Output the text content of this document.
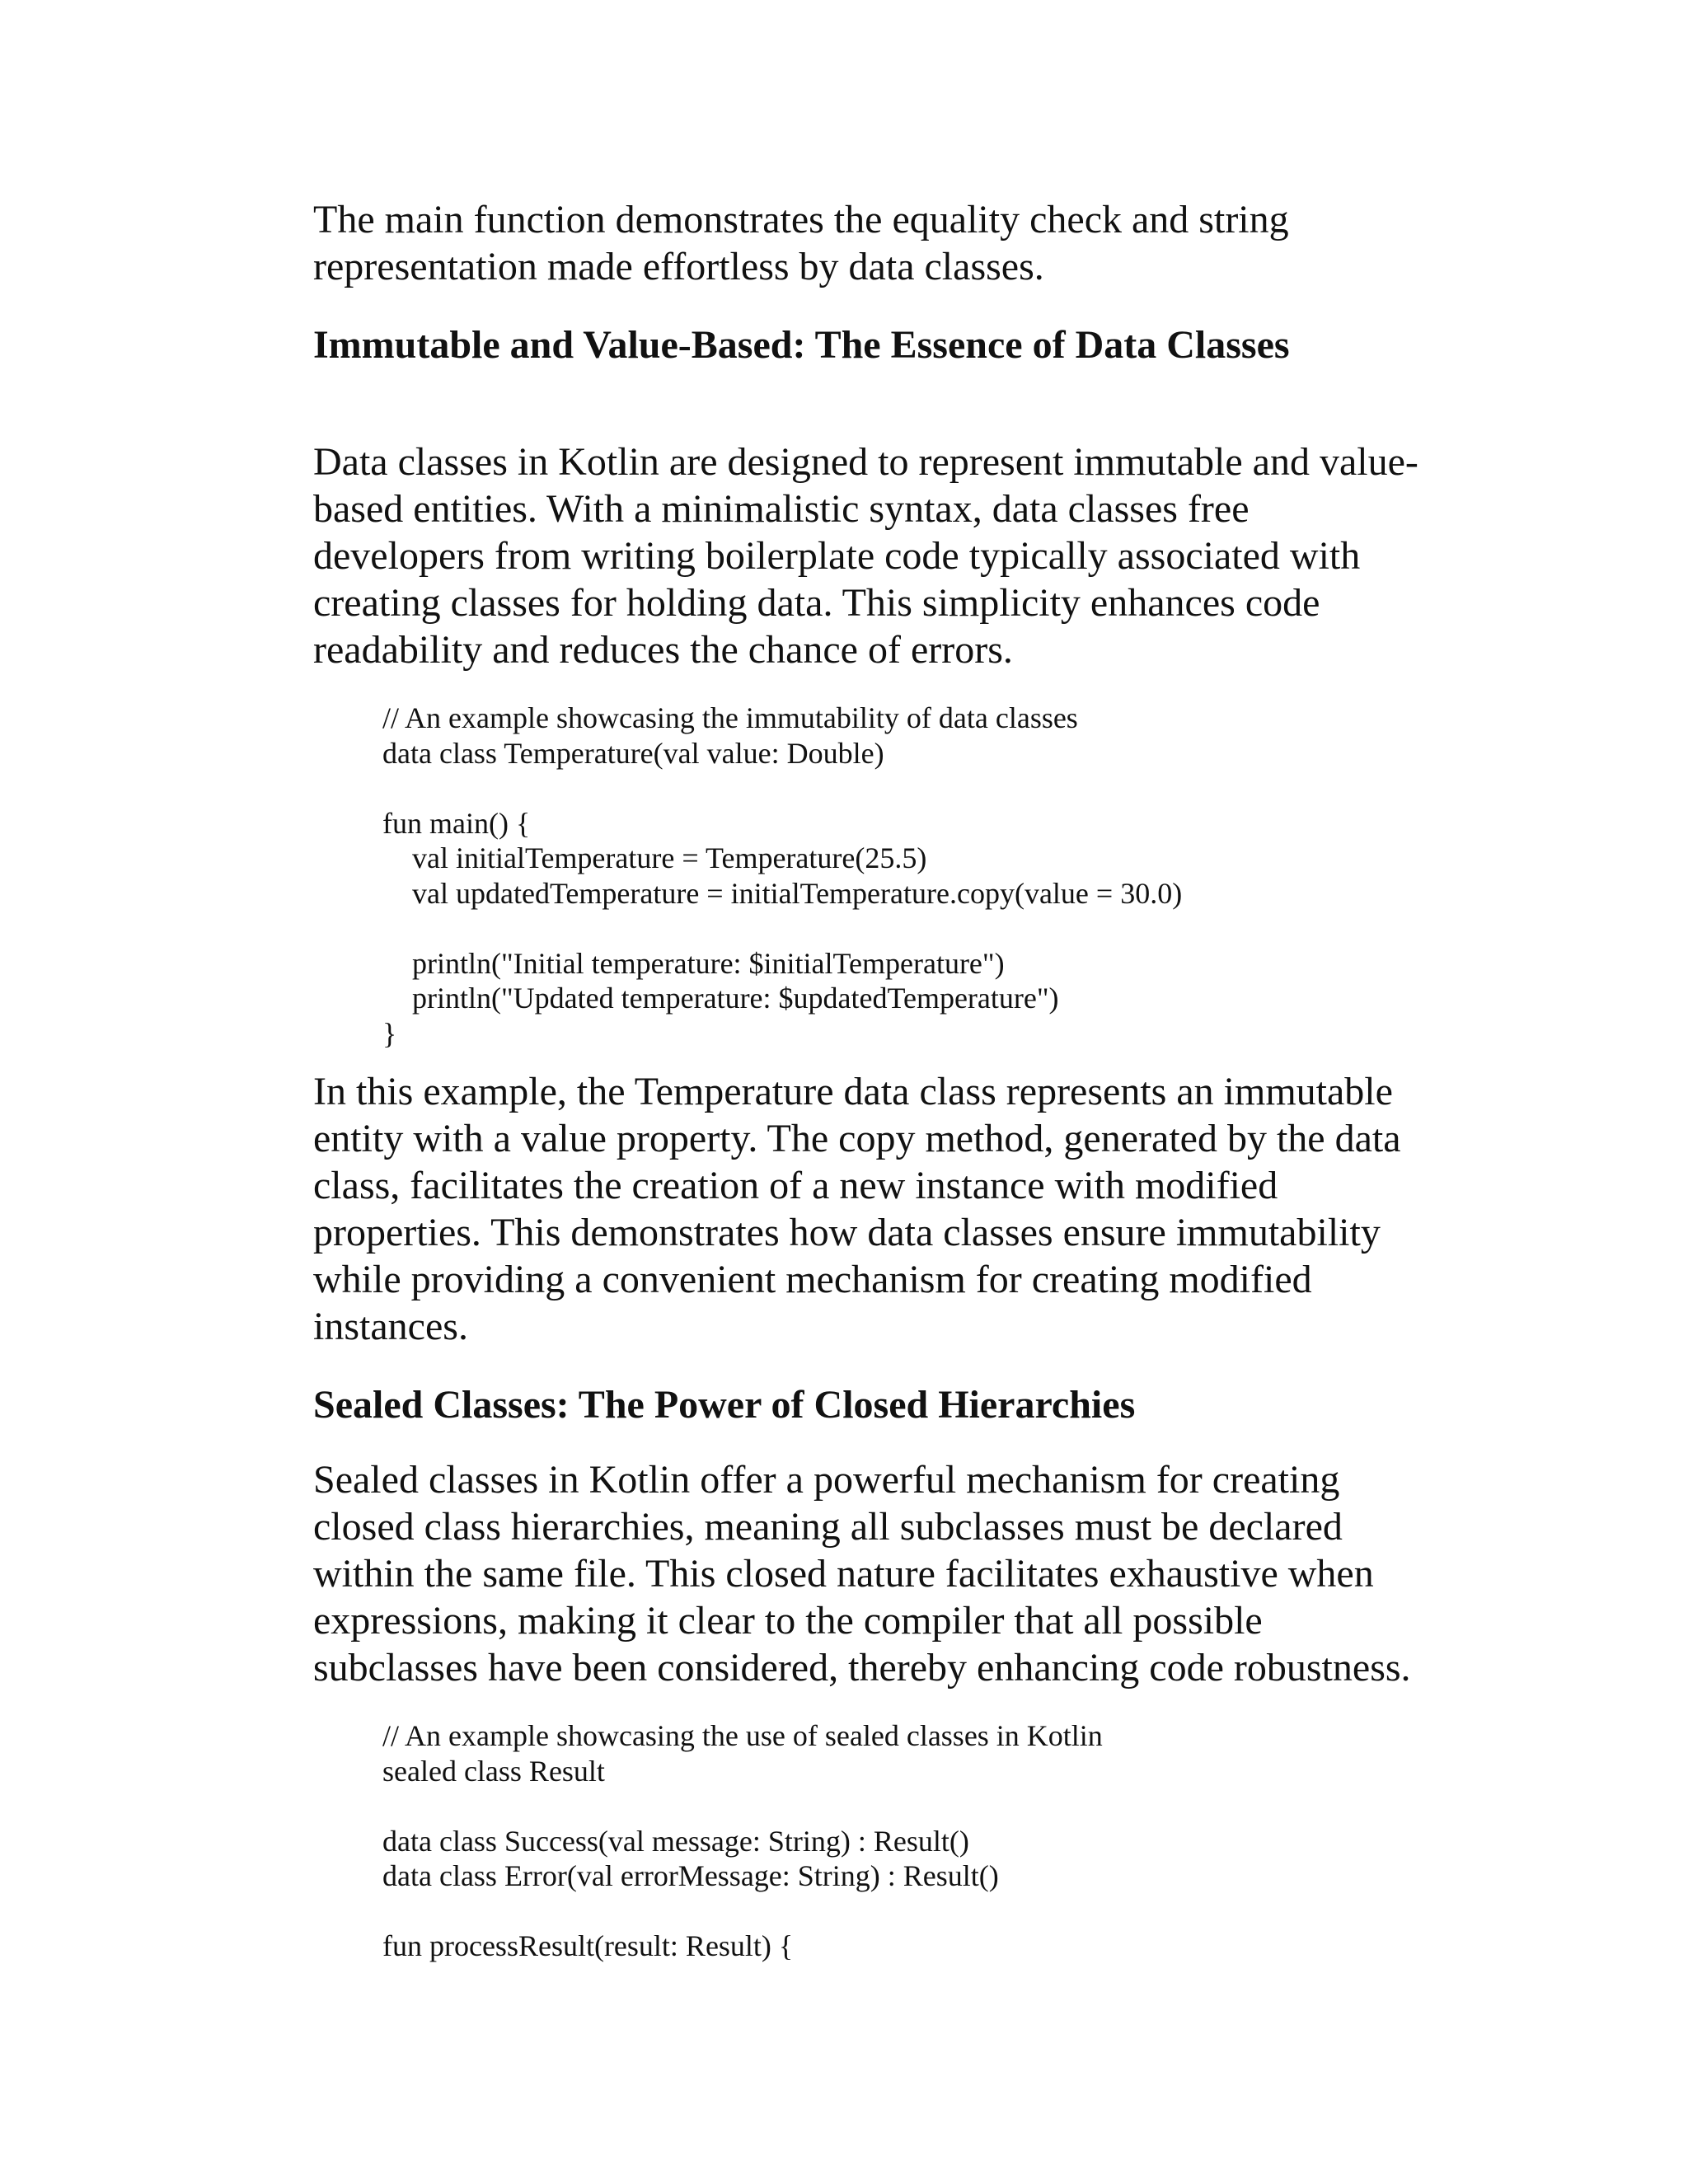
The main function demonstrates the equality check and string
representation made effortless by data classes.

Immutable and Value-Based: The Essence of Data Classes

Data classes in Kotlin are designed to represent immutable and value-
based entities. With a minimalistic syntax, data classes free
developers from writing boilerplate code typically associated with
creating classes for holding data. This simplicity enhances code
readability and reduces the chance of errors.

// An example showcasing the immutability of data classes
data class Temperature(val value: Double)

fun main() {
val initialTemperature = Temperature(25.5)
val updatedTemperature = initialTemperature.copy(value = 30.0)

println("Initial temperature: $initialTemperature")
println("Updated temperature: $updatedTemperature")
}

In this example, the Temperature data class represents an immutable
entity with a value property. The copy method, generated by the data
class, facilitates the creation of a new instance with modified
properties. This demonstrates how data classes ensure immutability
while providing a convenient mechanism for creating modified
instances.

Sealed Classes: The Power of Closed Hierarchies

Sealed classes in Kotlin offer a powerful mechanism for creating
closed class hierarchies, meaning all subclasses must be declared
within the same file. This closed nature facilitates exhaustive when
expressions, making it clear to the compiler that all possible
subclasses have been considered, thereby enhancing code robustness.

// An example showcasing the use of sealed classes in Kotlin
sealed class Result

data class Success(val message: String) : Result()
data class Error(val errorMessage: String) : Result()

fun processResult(result: Result) {
